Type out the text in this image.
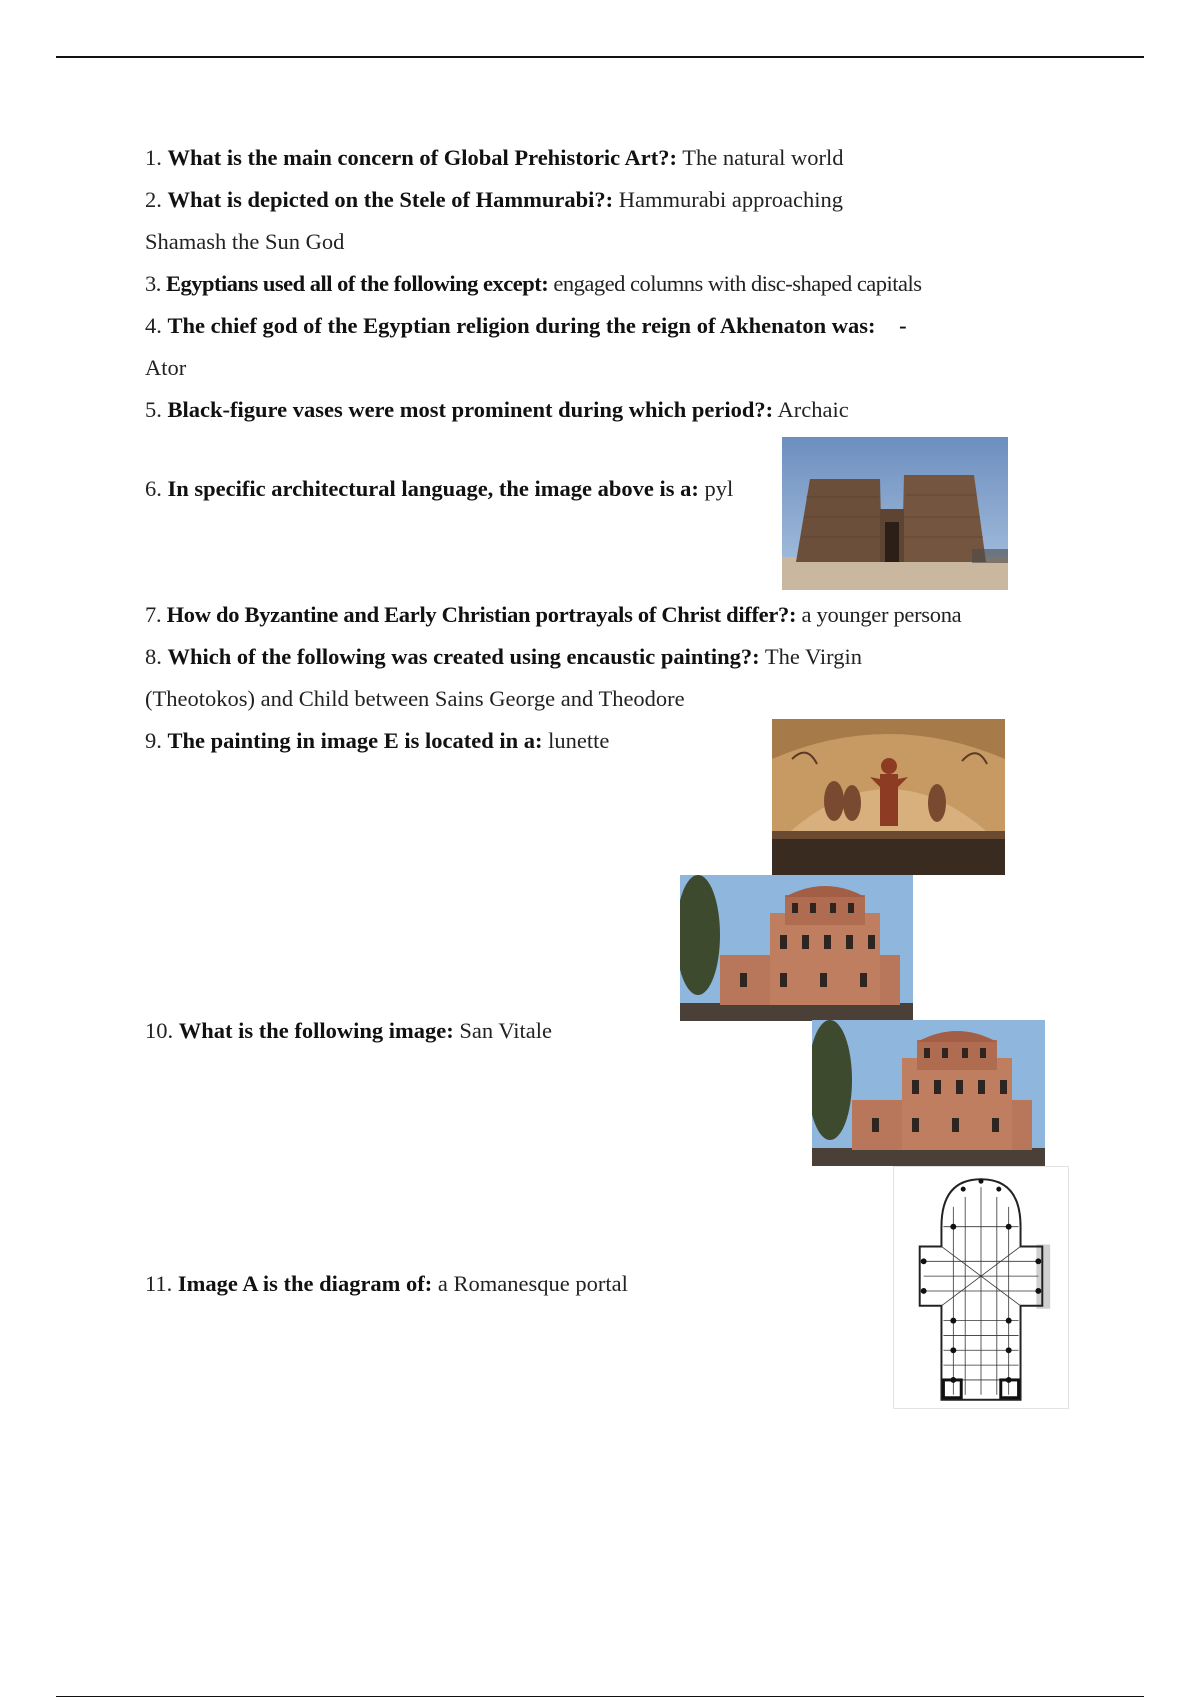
1. What is the main concern of Global Prehistoric Art?: The natural world
2. What is depicted on the Stele of Hammurabi?: Hammurabi approaching
Shamash the Sun God
3. Egyptians used all of the following except: engaged columns with disc-shaped capitals
4. The chief god of the Egyptian religion during the reign of Akhenaton was: -
Ator
5. Black-figure vases were most prominent during which period?: Archaic
6. In specific architectural language, the image above is a: pyl
7. How do Byzantine and Early Christian portrayals of Christ differ?: a younger persona
8. Which of the following was created using encaustic painting?: The Virgin
(Theotokos) and Child between Sains George and Theodore
9. The painting in image E is located in a: lunette
10. What is the following image: San Vitale
11. Image A is the diagram of: a Romanesque portal
